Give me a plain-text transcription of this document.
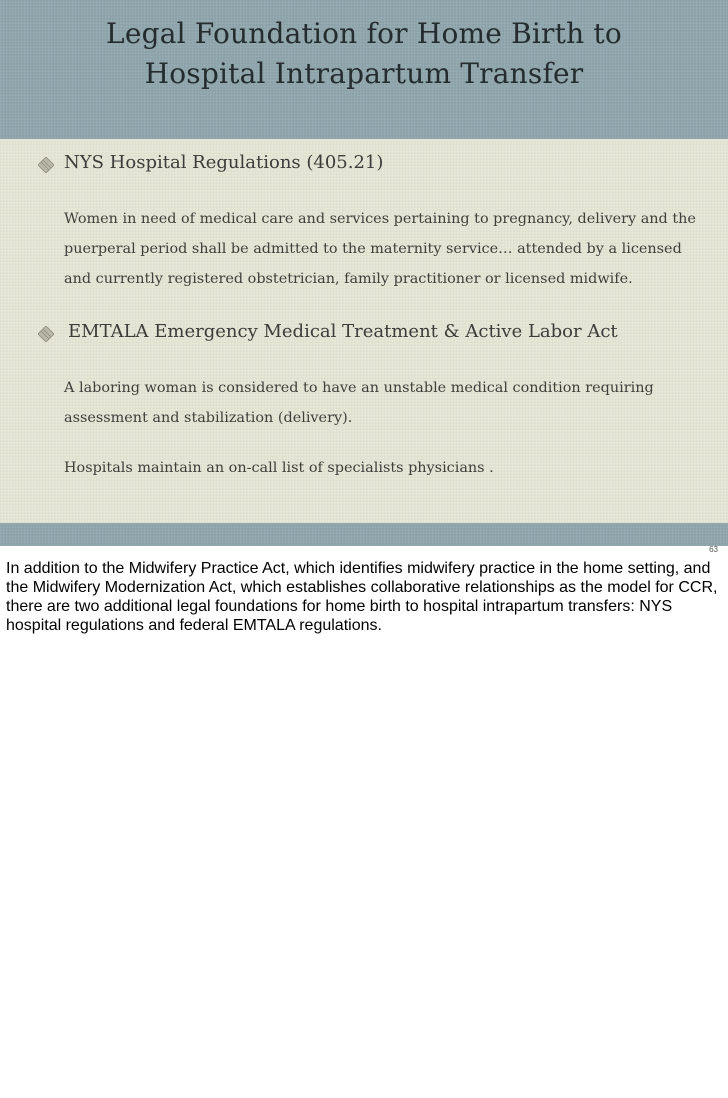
Legal Foundation for Home Birth to
Hospital Intrapartum Transfer
NYS Hospital Regulations (405.21)
Women in need of medical care and services pertaining to pregnancy, delivery and the puerperal period shall be admitted to the maternity service… attended by a licensed and currently registered obstetrician, family practitioner or licensed midwife.
EMTALA Emergency Medical Treatment & Active Labor Act
A laboring woman is considered to have an unstable medical condition requiring assessment and stabilization (delivery).
Hospitals maintain an on-call list of specialists physicians .
63

In addition to the Midwifery Practice Act, which identifies midwifery practice in the home setting, and the Midwifery Modernization Act, which establishes collaborative relationships as the model for CCR, there are two additional legal foundations for home birth to hospital intrapartum transfers: NYS hospital regulations and federal EMTALA regulations.
